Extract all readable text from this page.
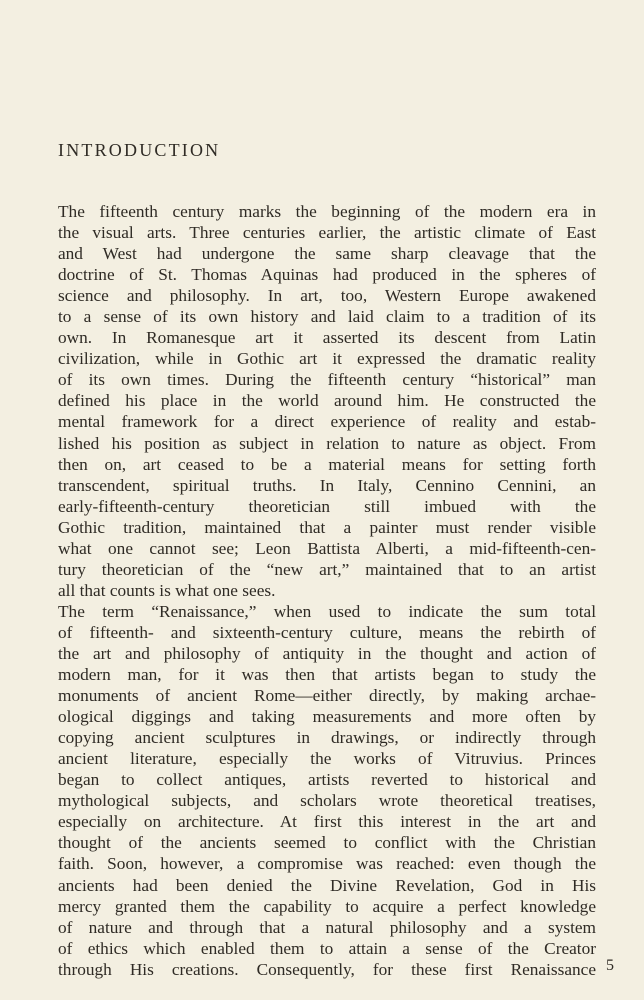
INTRODUCTION
The fifteenth century marks the beginning of the modern era in
the visual arts. Three centuries earlier, the artistic climate of East
and West had undergone the same sharp cleavage that the
doctrine of St. Thomas Aquinas had produced in the spheres of
science and philosophy. In art, too, Western Europe awakened
to a sense of its own history and laid claim to a tradition of its
own. In Romanesque art it asserted its descent from Latin
civilization, while in Gothic art it expressed the dramatic reality
of its own times. During the fifteenth century “historical” man
defined his place in the world around him. He constructed the
mental framework for a direct experience of reality and estab-
lished his position as subject in relation to nature as object. From
then on, art ceased to be a material means for setting forth
transcendent, spiritual truths. In Italy, Cennino Cennini, an
early-fifteenth-century theoretician still imbued with the
Gothic tradition, maintained that a painter must render visible
what one cannot see; Leon Battista Alberti, a mid-fifteenth-cen-
tury theoretician of the “new art,” maintained that to an artist
all that counts is what one sees.
The term “Renaissance,” when used to indicate the sum total
of fifteenth- and sixteenth-century culture, means the rebirth of
the art and philosophy of antiquity in the thought and action of
modern man, for it was then that artists began to study the
monuments of ancient Rome—either directly, by making archae-
ological diggings and taking measurements and more often by
copying ancient sculptures in drawings, or indirectly through
ancient literature, especially the works of Vitruvius. Princes
began to collect antiques, artists reverted to historical and
mythological subjects, and scholars wrote theoretical treatises,
especially on architecture. At first this interest in the art and
thought of the ancients seemed to conflict with the Christian
faith. Soon, however, a compromise was reached: even though the
ancients had been denied the Divine Revelation, God in His
mercy granted them the capability to acquire a perfect knowledge
of nature and through that a natural philosophy and a system
of ethics which enabled them to attain a sense of the Creator
through His creations. Consequently, for these first Renaissance 5
